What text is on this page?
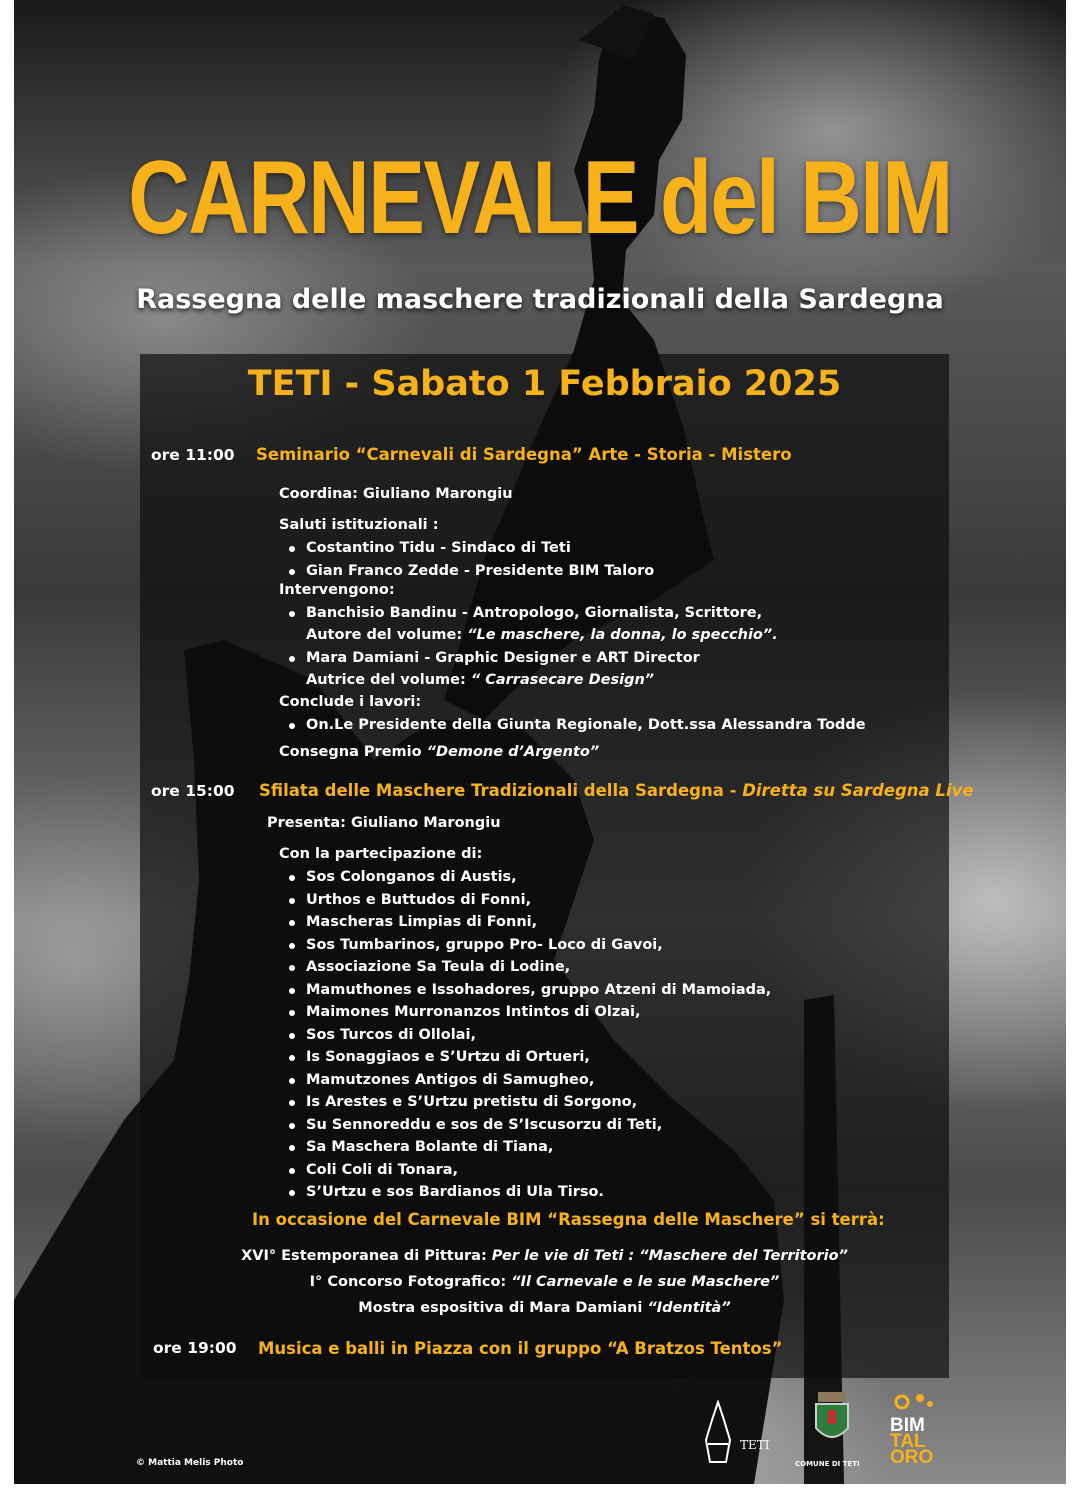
CARNEVALE del BIM
Rassegna delle maschere tradizionali della Sardegna
TETI - Sabato 1 Febbraio 2025
ore 11:00 Seminario “Carnevali di Sardegna” Arte - Storia - Mistero
Coordina: Giuliano Marongiu
Saluti istituzionali :
Costantino Tidu - Sindaco di Teti
Gian Franco Zedde - Presidente BIM Taloro
Intervengono:
Banchisio Bandinu - Antropologo, Giornalista, Scrittore,
Autore del volume: “Le maschere, la donna, lo specchio”.
Mara Damiani - Graphic Designer e ART Director
Autrice del volume: “ Carrasecare Design”
Conclude i lavori:
On.Le Presidente della Giunta Regionale, Dott.ssa Alessandra Todde
Consegna Premio “Demone d’Argento”
ore 15:00 Sfilata delle Maschere Tradizionali della Sardegna - Diretta su Sardegna Live
Presenta: Giuliano Marongiu
Con la partecipazione di:
Sos Colonganos di Austis,
Urthos e Buttudos di Fonni,
Mascheras Limpias di Fonni,
Sos Tumbarinos, gruppo Pro- Loco di Gavoi,
Associazione Sa Teula di Lodine,
Mamuthones e Issohadores, gruppo Atzeni di Mamoiada,
Maimones Murronanzos Intintos di Olzai,
Sos Turcos di Ollolai,
Is Sonaggiaos e S’Urtzu di Ortueri,
Mamutzones Antigos di Samugheo,
Is Arestes e S’Urtzu pretistu di Sorgono,
Su Sennoreddu e sos de S’Iscusorzu di Teti,
Sa Maschera Bolante di Tiana,
Coli Coli di Tonara,
S’Urtzu e sos Bardianos di Ula Tirso.
In occasione del Carnevale BIM “Rassegna delle Maschere” si terrà:
XVI° Estemporanea di Pittura: Per le vie di Teti : “Maschere del Territorio”
I° Concorso Fotografico: “Il Carnevale e le sue Maschere”
Mostra espositiva di Mara Damiani “Identità”
ore 19:00 Musica e balli in Piazza con il gruppo “A Bratzos Tentos”
© Mattia Melis Photo
TETI
COMUNE DI TETI
BIM
TAL
ORO
